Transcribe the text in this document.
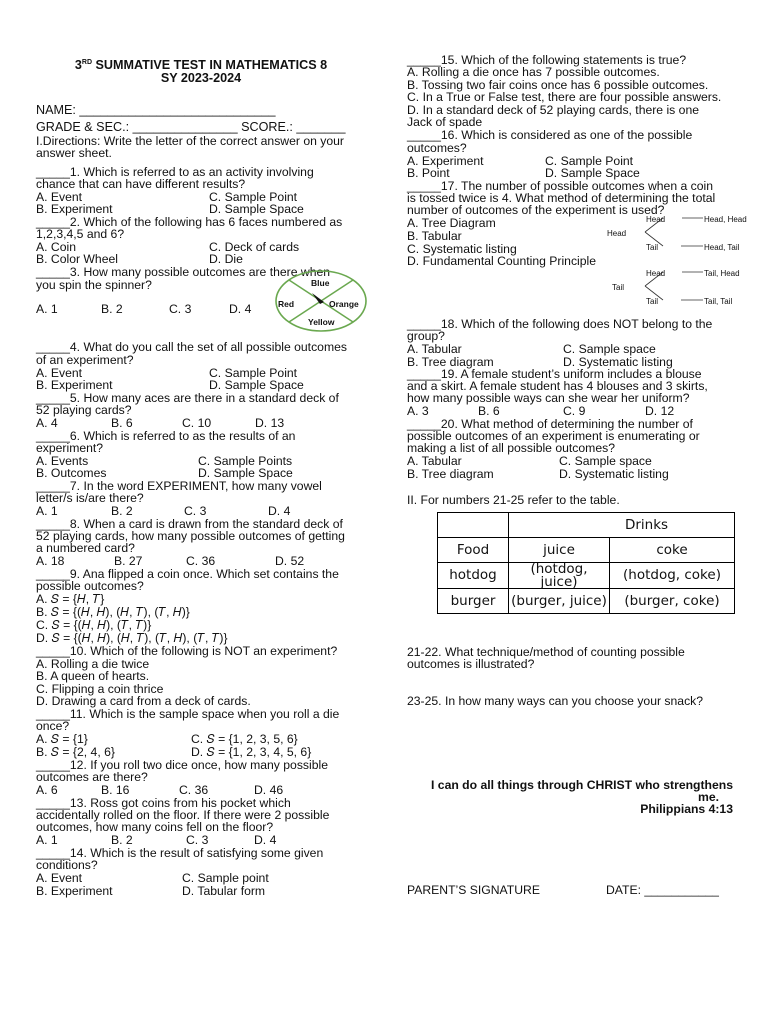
3RD SUMMATIVE TEST IN MATHEMATICS 8
SY 2023-2024
NAME: ____________________________
GRADE & SEC.: _______________ SCORE.: _______
I.Directions: Write the letter of the correct answer on your
answer sheet.
_____1. Which is referred to as an activity involving
chance that can have different results?
A. Event	C. Sample Point
B. Experiment	D. Sample Space
_____2. Which of the following has 6 faces numbered as
1,2,3,4,5 and 6?
A. Coin	C. Deck of cards
B. Color Wheel	D. Die
_____3. How many possible outcomes are there when
you spin the spinner?
A. 1	B. 2	C. 3	D. 4
_____4. What do you call the set of all possible outcomes
of an experiment?
A. Event	C. Sample Point
B. Experiment	D. Sample Space
_____5. How many aces are there in a standard deck of
52 playing cards?
A. 4	B. 6	C. 10	D. 13
_____6. Which is referred to as the results of an
experiment?
A. Events	C. Sample Points
B. Outcomes	D. Sample Space
_____7. In the word EXPERIMENT, how many vowel
letter/s is/are there?
A. 1	B. 2	C. 3	D. 4
_____8. When a card is drawn from the standard deck of
52 playing cards, how many possible outcomes of getting
a numbered card?
A. 18	B. 27	C. 36	D. 52
_____9. Ana flipped a coin once. Which set contains the
possible outcomes?
A. 𝑆 = {𝐻, 𝑇}
B. 𝑆 = {(𝐻, 𝐻), (𝐻, 𝑇), (𝑇, 𝐻)}
C. 𝑆 = {(𝐻, 𝐻), (𝑇, 𝑇)}
D. 𝑆 = {(𝐻, 𝐻), (𝐻, 𝑇), (𝑇, 𝐻), (𝑇, 𝑇)}
_____10. Which of the following is NOT an experiment?
A. Rolling a die twice
B. A queen of hearts.
C. Flipping a coin thrice
D. Drawing a card from a deck of cards.
_____11. Which is the sample space when you roll a die
once?
A. 𝑆 = {1}	C. 𝑆 = {1, 2, 3, 5, 6}
B. 𝑆 = {2, 4, 6}	D. 𝑆 = {1, 2, 3, 4, 5, 6}
_____12. If you roll two dice once, how many possible
outcomes are there?
A. 6	B. 16	C. 36	D. 46
_____13. Ross got coins from his pocket which
accidentally rolled on the floor. If there were 2 possible
outcomes, how many coins fell on the floor?
A. 1	B. 2	C. 3	D. 4
_____14. Which is the result of satisfying some given
conditions?
A. Event	C. Sample point
B. Experiment	D. Tabular form
Blue
Red	Orange
Yellow
_____15. Which of the following statements is true?
A. Rolling a die once has 7 possible outcomes.
B. Tossing two fair coins once has 6 possible outcomes.
C. In a True or False test, there are four possible answers.
D. In a standard deck of 52 playing cards, there is one
Jack of spade
_____16. Which is considered as one of the possible
outcomes?
A. Experiment	C. Sample Point
B. Point	D. Sample Space
_____17. The number of possible outcomes when a coin
is tossed twice is 4. What method of determining the total
number of outcomes of the experiment is used?
A. Tree Diagram
B. Tabular
C. Systematic listing
D. Fundamental Counting Principle
_____18. Which of the following does NOT belong to the
group?
A. Tabular	C. Sample space
B. Tree diagram	D. Systematic listing
_____19. A female student’s uniform includes a blouse
and a skirt. A female student has 4 blouses and 3 skirts,
how many possible ways can she wear her uniform?
A. 3	B. 6	C. 9	D. 12
_____20. What method of determining the number of
possible outcomes of an experiment is enumerating or
making a list of all possible outcomes?
A. Tabular	C. Sample space
B. Tree diagram	D. Systematic listing
II. For numbers 21-25 refer to the table.
21-22. What technique/method of counting possible
outcomes is illustrated?
23-25. In how many ways can you choose your snack?
PARENT’S SIGNATURE	DATE: ___________
Head
Head	Head, Head
Tail	Head, Tail
Tail
Head	Tail, Head
Tail	Tail, Tail
	Drinks	
Food	juice	coke
hotdog	(hotdog, juice)	(hotdog, coke)
burger	(burger, juice)	(burger, coke)
I can do all things through CHRIST who strengthens
me.
Philippians 4:13
